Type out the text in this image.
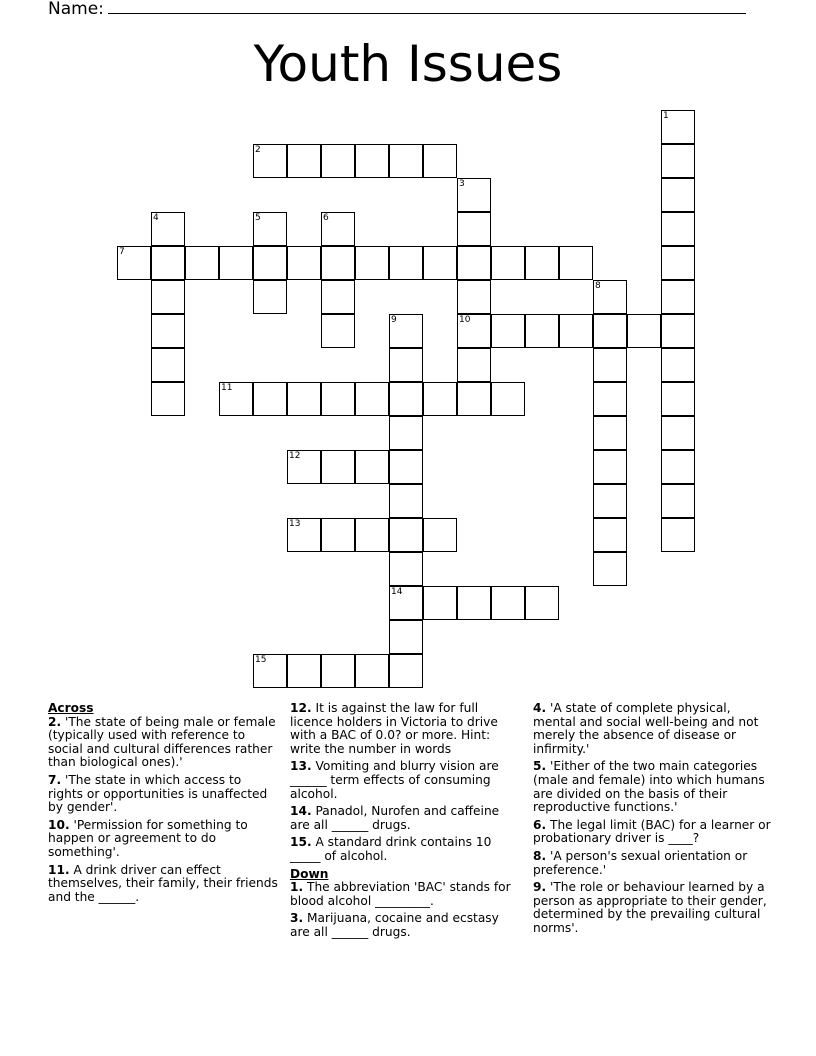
Name:
Youth Issues
1
2
3
10
4	5	6
7
8
9
14
11
12
13
15
Across
2. 'The state of being male or female (typically used with reference to social and cultural differences rather than biological ones).'
7. 'The state in which access to rights or opportunities is unaffected by gender'.
10. 'Permission for something to happen or agreement to do something'.
11. A drink driver can effect themselves, their family, their friends and the ______.
12. It is against the law for full licence holders in Victoria to drive with a BAC of 0.0? or more. Hint: write the number in words
13. Vomiting and blurry vision are ______ term effects of consuming alcohol.
14. Panadol, Nurofen and caffeine are all ______ drugs.
15. A standard drink contains 10 _____ of alcohol.
Down
1. The abbreviation 'BAC' stands for blood alcohol _________.
3. Marijuana, cocaine and ecstasy are all ______ drugs.
4. 'A state of complete physical, mental and social well-being and not merely the absence of disease or infirmity.'
5. 'Either of the two main categories (male and female) into which humans are divided on the basis of their reproductive functions.'
6. The legal limit (BAC) for a learner or probationary driver is ____?
8. 'A person's sexual orientation or preference.'
9. 'The role or behaviour learned by a person as appropriate to their gender, determined by the prevailing cultural norms'.
